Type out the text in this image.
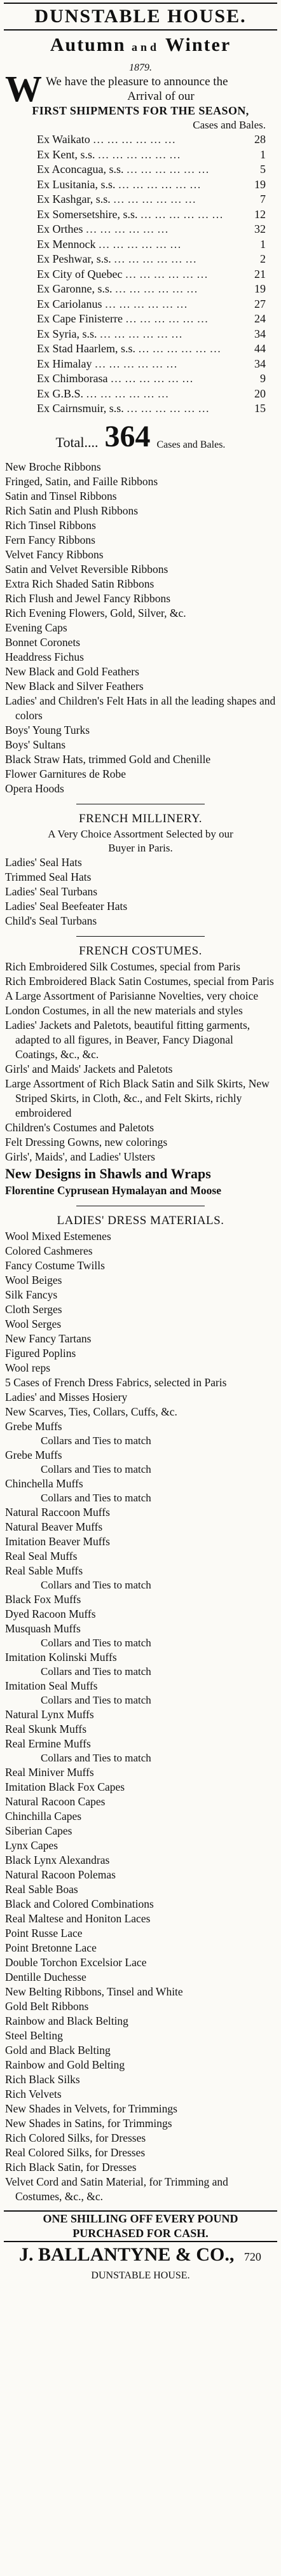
DUNSTABLE HOUSE.
Autumn and Winter
1879.
W We have the pleasure to announce the
Arrival of our
FIRST SHIPMENTS FOR THE SEASON,
Cases and Bales.
Ex Waikato … … … … … …	28
Ex Kent, s.s. … … … … … …	1
Ex Aconcagua, s.s. … … … … … …	5
Ex Lusitania, s.s. … … … … … …	19
Ex Kashgar, s.s. … … … … … …	7
Ex Somersetshire, s.s. … … … … … …	12
Ex Orthes … … … … … …	32
Ex Mennock … … … … … …	1
Ex Peshwar, s.s. … … … … … …	2
Ex City of Quebec … … … … … …	21
Ex Garonne, s.s. … … … … … …	19
Ex Cariolanus … … … … … …	27
Ex Cape Finisterre … … … … … …	24
Ex Syria, s.s. … … … … … …	34
Ex Stad Haarlem, s.s. … … … … … …	44
Ex Himalay … … … … … …	34
Ex Chimborasa … … … … … …	9
Ex G.B.S. … … … … … …	20
Ex Cairnsmuir, s.s. … … … … … …	15
Total.... 364 Cases and Bales.
New Broche Ribbons
Fringed, Satin, and Faille Ribbons
Satin and Tinsel Ribbons
Rich Satin and Plush Ribbons
Rich Tinsel Ribbons
Fern Fancy Ribbons
Velvet Fancy Ribbons
Satin and Velvet Reversible Ribbons
Extra Rich Shaded Satin Ribbons
Rich Flush and Jewel Fancy Ribbons
Rich Evening Flowers, Gold, Silver, &c.
Evening Caps
Bonnet Coronets
Headdress Fichus
New Black and Gold Feathers
New Black and Silver Feathers
Ladies' and Children's Felt Hats in all the leading shapes and colors
Boys' Young Turks
Boys' Sultans
Black Straw Hats, trimmed Gold and Chenille
Flower Garnitures de Robe
Opera Hoods
FRENCH MILLINERY.
A Very Choice Assortment Selected by our
Buyer in Paris.
Ladies' Seal Hats
Trimmed Seal Hats
Ladies' Seal Turbans
Ladies' Seal Beefeater Hats
Child's Seal Turbans
FRENCH COSTUMES.
Rich Embroidered Silk Costumes, special from Paris
Rich Embroidered Black Satin Costumes, special from Paris
A Large Assortment of Parisianne Novelties, very choice
London Costumes, in all the new materials and styles
Ladies' Jackets and Paletots, beautiful fitting garments, adapted to all figures, in Beaver, Fancy Diagonal Coatings, &c., &c.
Girls' and Maids' Jackets and Paletots
Large Assortment of Rich Black Satin and Silk Skirts, New Striped Skirts, in Cloth, &c., and Felt Skirts, richly embroidered
Children's Costumes and Paletots
Felt Dressing Gowns, new colorings
Girls', Maids', and Ladies' Ulsters
New Designs in Shawls and Wraps
Florentine Cyprusean Hymalayan and Moose
LADIES' DRESS MATERIALS.
Wool Mixed Estemenes
Colored Cashmeres
Fancy Costume Twills
Wool Beiges
Silk Fancys
Cloth Serges
Wool Serges
New Fancy Tartans
Figured Poplins
Wool reps
5 Cases of French Dress Fabrics, selected in Paris
Ladies' and Misses Hosiery
New Scarves, Ties, Collars, Cuffs, &c.
Grebe Muffs
Collars and Ties to match
Grebe Muffs
Collars and Ties to match
Chinchella Muffs
Collars and Ties to match
Natural Raccoon Muffs
Natural Beaver Muffs
Imitation Beaver Muffs
Real Seal Muffs
Real Sable Muffs
Collars and Ties to match
Black Fox Muffs
Dyed Racoon Muffs
Musquash Muffs
Collars and Ties to match
Imitation Kolinski Muffs
Collars and Ties to match
Imitation Seal Muffs
Collars and Ties to match
Natural Lynx Muffs
Real Skunk Muffs
Real Ermine Muffs
Collars and Ties to match
Real Miniver Muffs
Imitation Black Fox Capes
Natural Racoon Capes
Chinchilla Capes
Siberian Capes
Lynx Capes
Black Lynx Alexandras
Natural Racoon Polemas
Real Sable Boas
Black and Colored Combinations
Real Maltese and Honiton Laces
Point Russe Lace
Point Bretonne Lace
Double Torchon Excelsior Lace
Dentille Duchesse
New Belting Ribbons, Tinsel and White
Gold Belt Ribbons
Rainbow and Black Belting
Steel Belting
Gold and Black Belting
Rainbow and Gold Belting
Rich Black Silks
Rich Velvets
New Shades in Velvets, for Trimmings
New Shades in Satins, for Trimmings
Rich Colored Silks, for Dresses
Real Colored Silks, for Dresses
Rich Black Satin, for Dresses
Velvet Cord and Satin Material, for Trimming and Costumes, &c., &c.
ONE SHILLING OFF EVERY POUND
PURCHASED FOR CASH.
J. BALLANTYNE & CO., 720
DUNSTABLE HOUSE.
